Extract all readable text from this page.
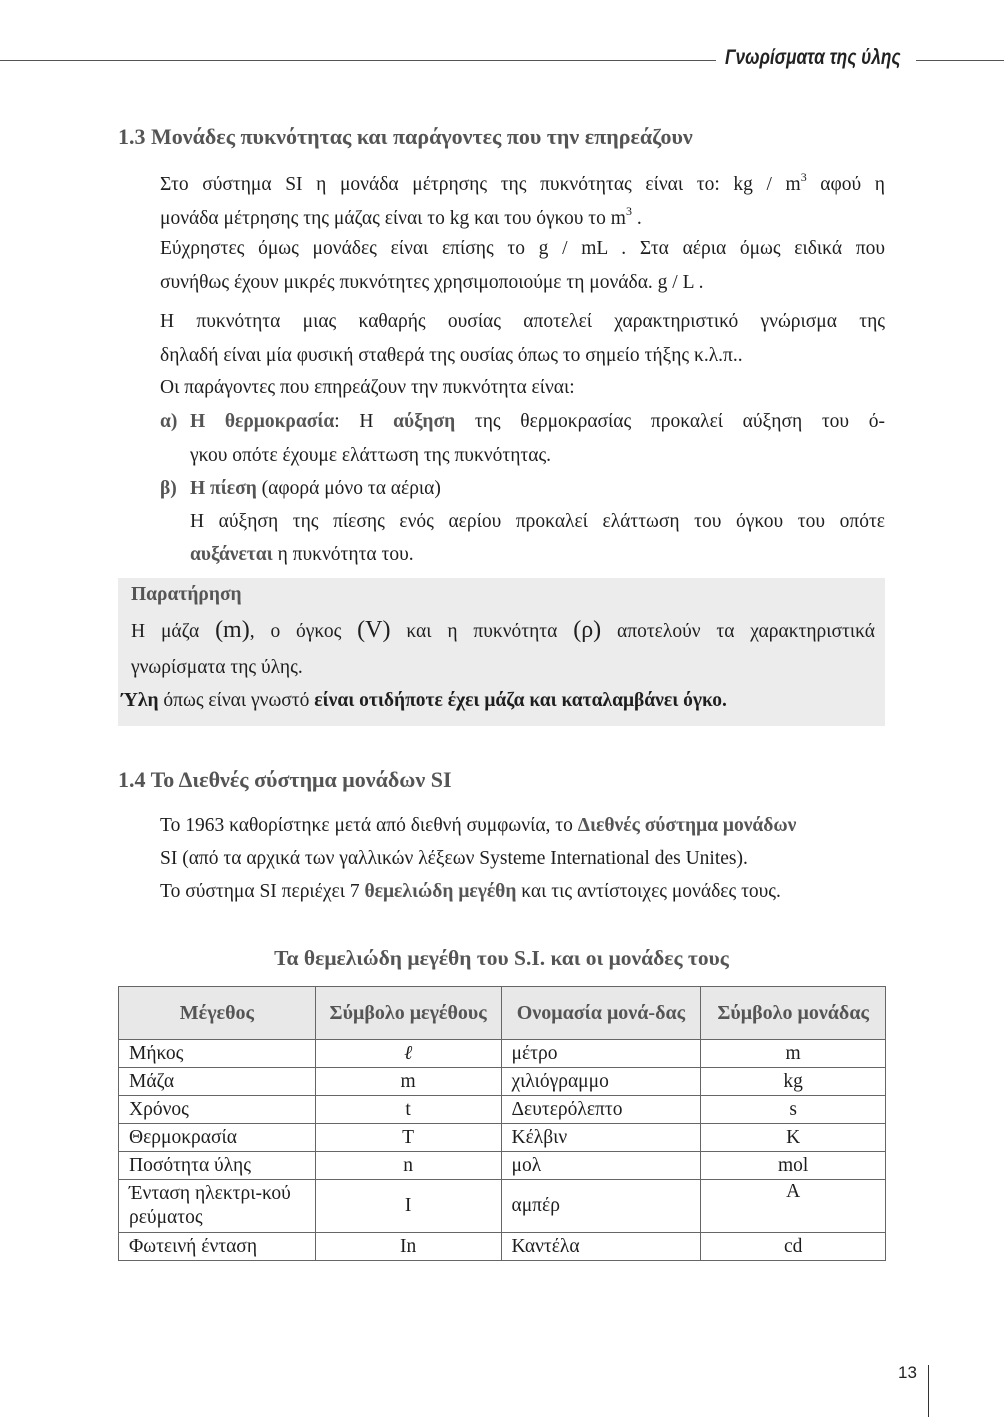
Γνωρίσματα της ύλης
1.3 Μονάδες πυκνότητας και παράγοντες που την επηρεάζουν
Στο σύστημα SI η μονάδα μέτρησης της πυκνότητας είναι το: kg / $m^3$ αφού η
μονάδα μέτρησης της μάζας είναι το kg και του όγκου το $m^3$ .
Εύχρηστες όμως μονάδες είναι επίσης το g / mL . Στα αέρια όμως ειδικά που
συνήθως έχουν μικρές πυκνότητες χρησιμοποιούμε τη μονάδα. g / L .
Η πυκνότητα μιας καθαρής ουσίας αποτελεί χαρακτηριστικό γνώρισμα της
δηλαδή είναι μία φυσική σταθερά της ουσίας όπως το σημείο τήξης κ.λ.π..
Οι παράγοντες που επηρεάζουν την πυκνότητα είναι:
α) Η θερμοκρασία: Η αύξηση της θερμοκρασίας προκαλεί αύξηση του ό-
γκου οπότε έχουμε ελάττωση της πυκνότητας.
β) Η πίεση (αφορά μόνο τα αέρια)
Η αύξηση της πίεσης ενός αερίου προκαλεί ελάττωση του όγκου του οπότε
αυξάνεται η πυκνότητα του.
Παρατήρηση
Η μάζα (m), ο όγκος (V) και η πυκνότητα (ρ) αποτελούν τα χαρακτηριστικά
γνωρίσματα της ύλης.
Ύλη όπως είναι γνωστό είναι οτιδήποτε έχει μάζα και καταλαμβάνει όγκο.
1.4 Το Διεθνές σύστημα μονάδων SI
Το 1963 καθορίστηκε μετά από διεθνή συμφωνία, το Διεθνές σύστημα μονάδων
SI (από τα αρχικά των γαλλικών λέξεων Systeme International des Unites).
Το σύστημα SI περιέχει 7 θεμελιώδη μεγέθη και τις αντίστοιχες μονάδες τους.
Τα θεμελιώδη μεγέθη του S.I. και οι μονάδες τους
Μέγεθος	Σύμβολο μεγέθους	Ονομασία μονά-δας	Σύμβολο μονάδας
Μήκος	ℓ	μέτρο	m
Μάζα	m	χιλιόγραμμο	kg
Χρόνος	t	Δευτερόλεπτο	s
Θερμοκρασία	T	Κέλβιν	K
Ποσότητα ύλης	n	μολ	mol
Ένταση ηλεκτρι-κού ρεύματος	I	αμπέρ	A
Φωτεινή ένταση	In	Καντέλα	cd
13
